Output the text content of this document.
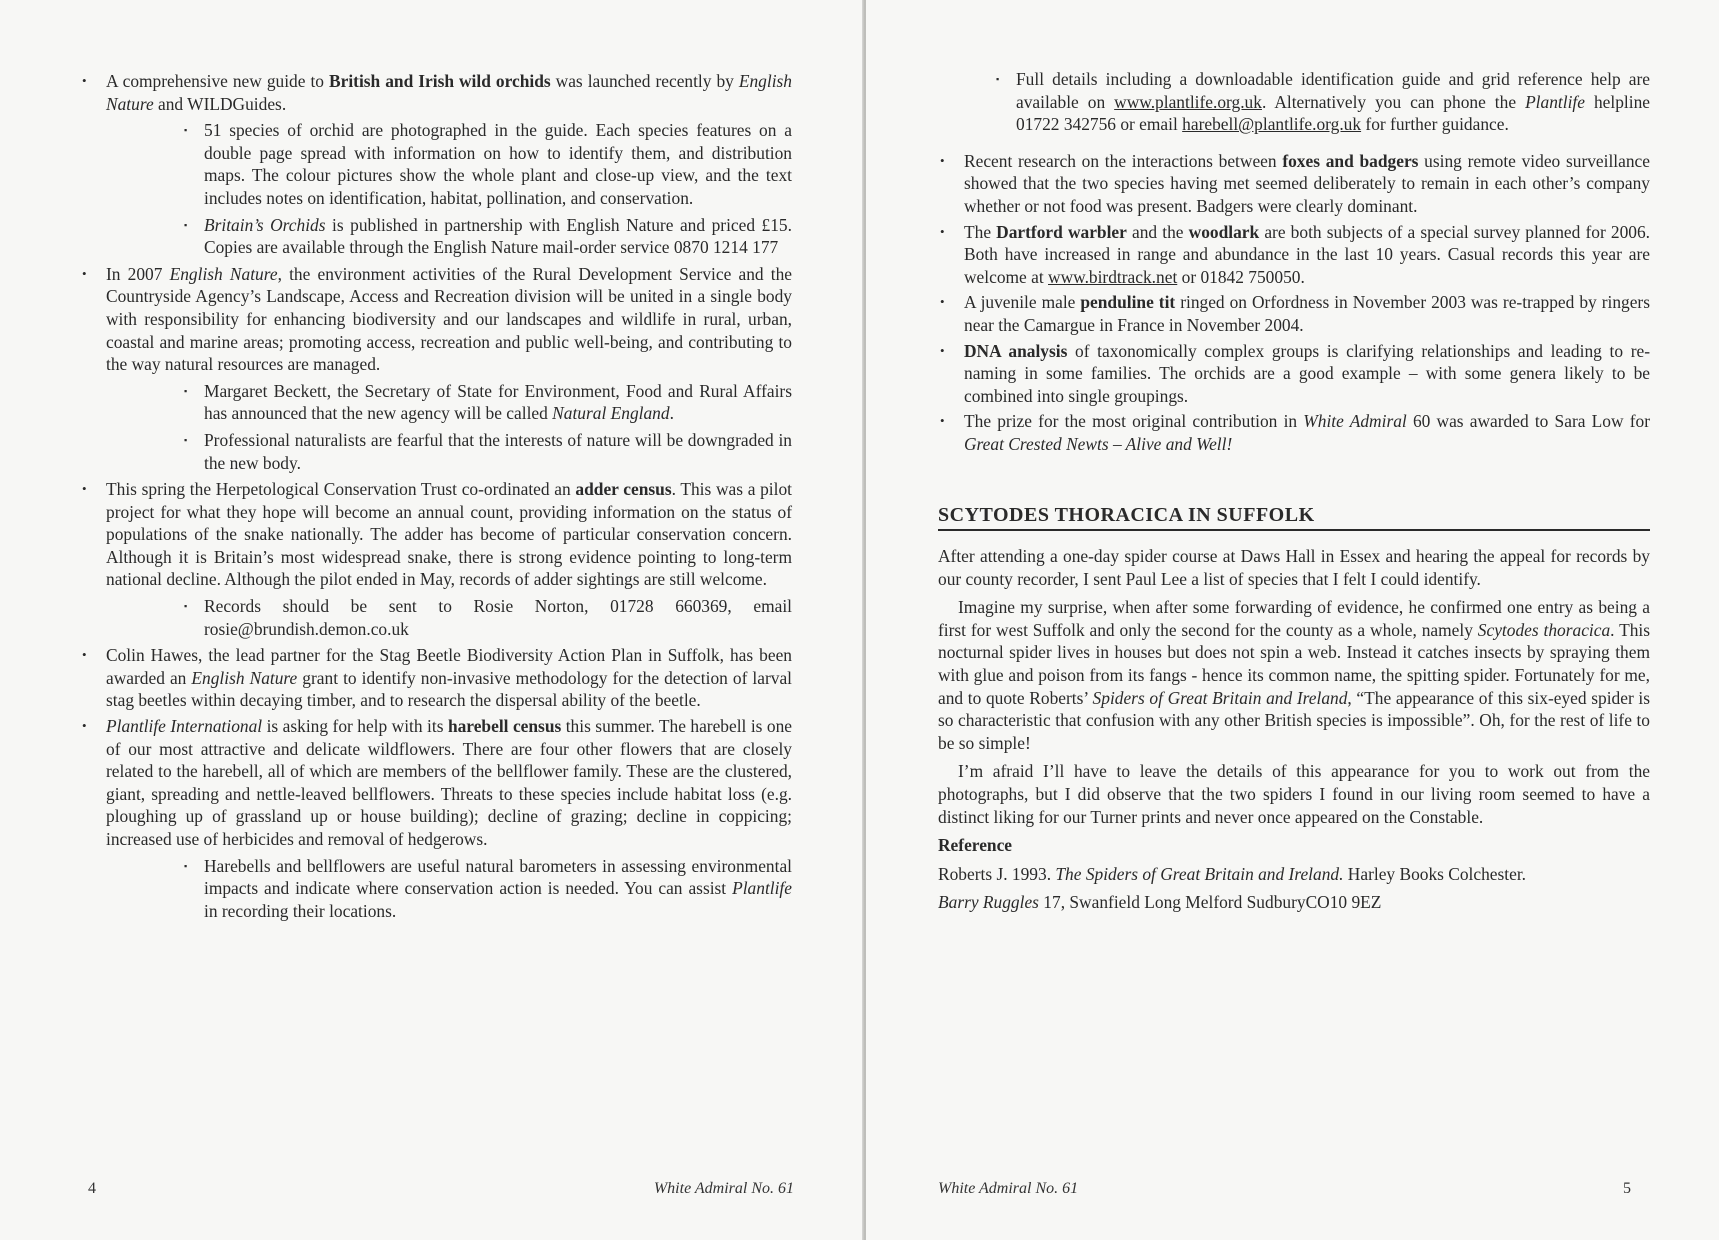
• A comprehensive new guide to British and Irish wild orchids was launched recently by English Nature and WILDGuides.
▪ 51 species of orchid are photographed in the guide. Each species features on a double page spread with information on how to identify them, and distribution maps. The colour pictures show the whole plant and close-up view, and the text includes notes on identification, habitat, pollination, and conservation.
▪ Britain’s Orchids is published in partnership with English Nature and priced £15. Copies are available through the English Nature mail-order service 0870 1214 177
• In 2007 English Nature, the environment activities of the Rural Development Service and the Countryside Agency’s Landscape, Access and Recreation division will be united in a single body with responsibility for enhancing biodiversity and our landscapes and wildlife in rural, urban, coastal and marine areas; promoting access, recreation and public well-being, and contributing to the way natural resources are managed.
▪ Margaret Beckett, the Secretary of State for Environment, Food and Rural Affairs has announced that the new agency will be called Natural England.
▪ Professional naturalists are fearful that the interests of nature will be downgraded in the new body.
• This spring the Herpetological Conservation Trust co-ordinated an adder census. This was a pilot project for what they hope will become an annual count, providing information on the status of populations of the snake nationally. The adder has become of particular conservation concern. Although it is Britain’s most widespread snake, there is strong evidence pointing to long-term national decline. Although the pilot ended in May, records of adder sightings are still welcome.
▪ Records should be sent to Rosie Norton, 01728 660369, email rosie@brundish.demon.co.uk
• Colin Hawes, the lead partner for the Stag Beetle Biodiversity Action Plan in Suffolk, has been awarded an English Nature grant to identify non-invasive methodology for the detection of larval stag beetles within decaying timber, and to research the dispersal ability of the beetle.
• Plantlife International is asking for help with its harebell census this summer. The harebell is one of our most attractive and delicate wildflowers. There are four other flowers that are closely related to the harebell, all of which are members of the bellflower family. These are the clustered, giant, spreading and nettle-leaved bellflowers. Threats to these species include habitat loss (e.g. ploughing up of grassland up or house building); decline of grazing; decline in coppicing; increased use of herbicides and removal of hedgerows.
▪ Harebells and bellflowers are useful natural barometers in assessing environmental impacts and indicate where conservation action is needed. You can assist Plantlife in recording their locations.
4	White Admiral No. 61
▪ Full details including a downloadable identification guide and grid reference help are available on www.plantlife.org.uk. Alternatively you can phone the Plantlife helpline 01722 342756 or email harebell@plantlife.org.uk for further guidance.
• Recent research on the interactions between foxes and badgers using remote video surveillance showed that the two species having met seemed deliberately to remain in each other’s company whether or not food was present. Badgers were clearly dominant.
• The Dartford warbler and the woodlark are both subjects of a special survey planned for 2006. Both have increased in range and abundance in the last 10 years. Casual records this year are welcome at www.birdtrack.net or 01842 750050.
• A juvenile male penduline tit ringed on Orfordness in November 2003 was re-trapped by ringers near the Camargue in France in November 2004.
• DNA analysis of taxonomically complex groups is clarifying relationships and leading to re-naming in some families. The orchids are a good example – with some genera likely to be combined into single groupings.
• The prize for the most original contribution in White Admiral 60 was awarded to Sara Low for Great Crested Newts – Alive and Well!
SCYTODES THORACICA IN SUFFOLK

After attending a one-day spider course at Daws Hall in Essex and hearing the appeal for records by our county recorder, I sent Paul Lee a list of species that I felt I could identify.

Imagine my surprise, when after some forwarding of evidence, he confirmed one entry as being a first for west Suffolk and only the second for the county as a whole, namely Scytodes thoracica. This nocturnal spider lives in houses but does not spin a web. Instead it catches insects by spraying them with glue and poison from its fangs - hence its common name, the spitting spider. Fortunately for me, and to quote Roberts’ Spiders of Great Britain and Ireland, “The appearance of this six-eyed spider is so characteristic that confusion with any other British species is impossible”. Oh, for the rest of life to be so simple!

I’m afraid I’ll have to leave the details of this appearance for you to work out from the photographs, but I did observe that the two spiders I found in our living room seemed to have a distinct liking for our Turner prints and never once appeared on the Constable.

Reference

Roberts J. 1993. The Spiders of Great Britain and Ireland. Harley Books Colchester.

Barry Ruggles 17, Swanfield Long Melford SudburyCO10 9EZ

White Admiral No. 61	5
